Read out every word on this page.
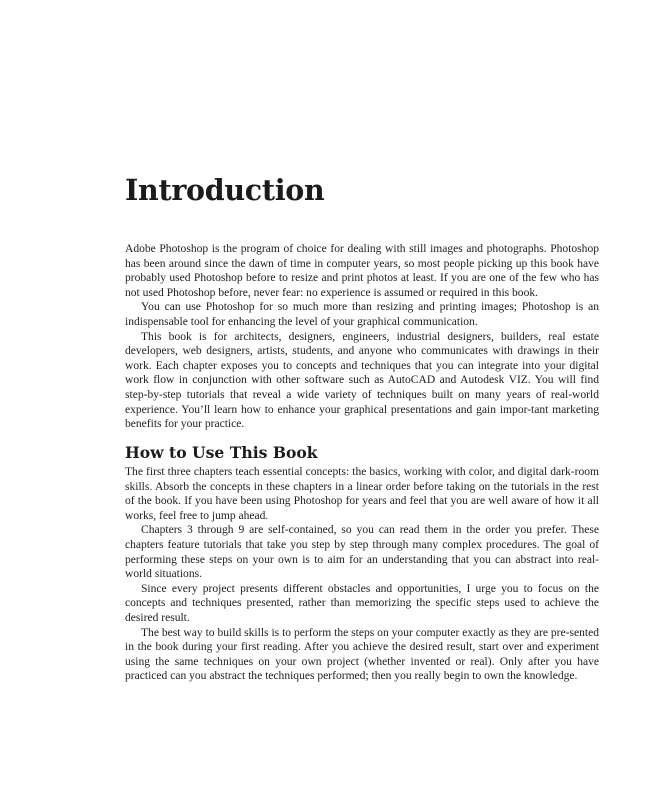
Introduction

Adobe Photoshop is the program of choice for dealing with still images and photographs. Photoshop has been around since the dawn of time in computer years, so most people picking up this book have probably used Photoshop before to resize and print photos at least. If you are one of the few who has not used Photoshop before, never fear: no experience is assumed or required in this book.

You can use Photoshop for so much more than resizing and printing images; Photoshop is an indispensable tool for enhancing the level of your graphical communication.

This book is for architects, designers, engineers, industrial designers, builders, real estate developers, web designers, artists, students, and anyone who communicates with drawings in their work. Each chapter exposes you to concepts and techniques that you can integrate into your digital work flow in conjunction with other software such as AutoCAD and Autodesk VIZ. You will find step-by-step tutorials that reveal a wide variety of techniques built on many years of real-world experience. You’ll learn how to enhance your graphical presentations and gain impor-tant marketing benefits for your practice.

How to Use This Book

The first three chapters teach essential concepts: the basics, working with color, and digital dark-room skills. Absorb the concepts in these chapters in a linear order before taking on the tutorials in the rest of the book. If you have been using Photoshop for years and feel that you are well aware of how it all works, feel free to jump ahead.

Chapters 3 through 9 are self-contained, so you can read them in the order you prefer. These chapters feature tutorials that take you step by step through many complex procedures. The goal of performing these steps on your own is to aim for an understanding that you can abstract into real-world situations.

Since every project presents different obstacles and opportunities, I urge you to focus on the concepts and techniques presented, rather than memorizing the specific steps used to achieve the desired result.

The best way to build skills is to perform the steps on your computer exactly as they are pre-sented in the book during your first reading. After you achieve the desired result, start over and experiment using the same techniques on your own project (whether invented or real). Only after you have practiced can you abstract the techniques performed; then you really begin to own the knowledge.
